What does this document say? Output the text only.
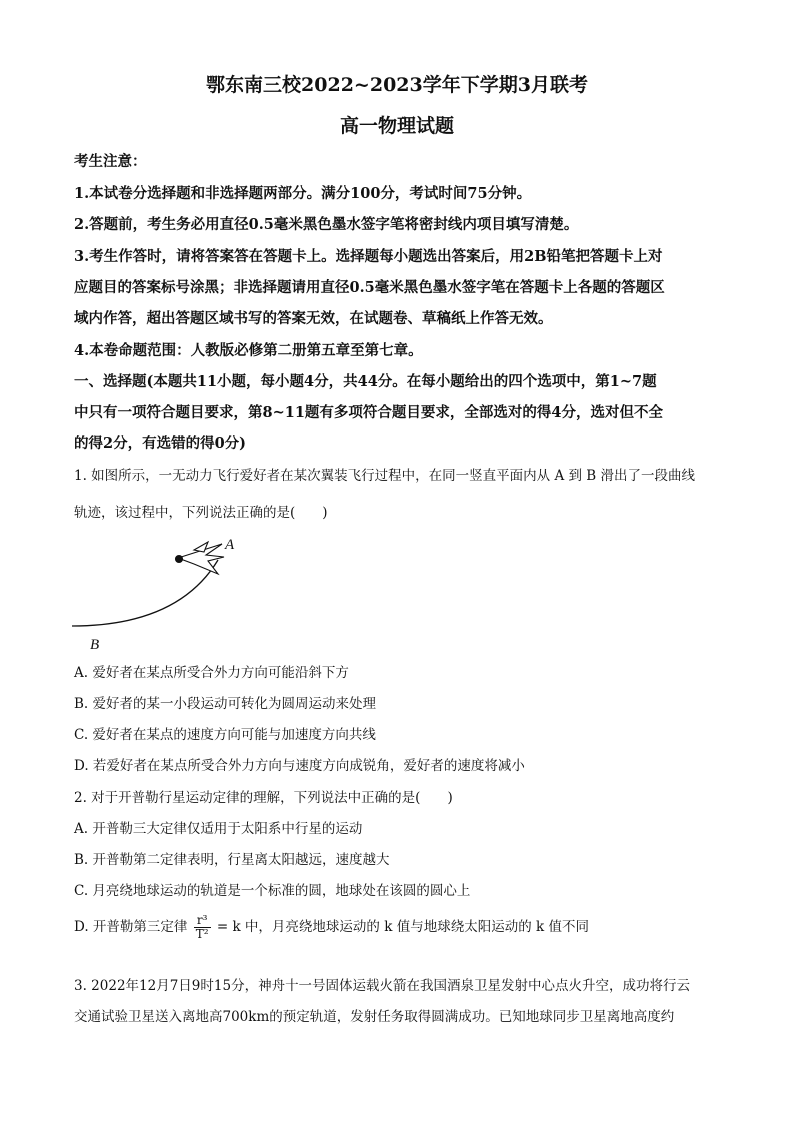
鄂东南三校2022~2023学年下学期3月联考
高一物理试题
考生注意：
1.本试卷分选择题和非选择题两部分。满分100分，考试时间75分钟。
2.答题前，考生务必用直径0.5毫米黑色墨水签字笔将密封线内项目填写清楚。
3.考生作答时，请将答案答在答题卡上。选择题每小题选出答案后，用2B铅笔把答题卡上对
应题目的答案标号涂黑；非选择题请用直径0.5毫米黑色墨水签字笔在答题卡上各题的答题区
域内作答，超出答题区域书写的答案无效，在试题卷、草稿纸上作答无效。
4.本卷命题范围：人教版必修第二册第五章至第七章。
一、选择题(本题共11小题，每小题4分，共44分。在每小题给出的四个选项中，第1~7题
中只有一项符合题目要求，第8~11题有多项符合题目要求，全部选对的得4分，选对但不全
的得2分，有选错的得0分)
1. 如图所示，一无动力飞行爱好者在某次翼装飞行过程中，在同一竖直平面内从 A 到 B 滑出了一段曲线
轨迹，该过程中，下列说法正确的是(　　)
A
B
A. 爱好者在某点所受合外力方向可能沿斜下方
B. 爱好者的某一小段运动可转化为圆周运动来处理
C. 爱好者在某点的速度方向可能与加速度方向共线
D. 若爱好者在某点所受合外力方向与速度方向成锐角，爱好者的速度将减小
2. 对于开普勒行星运动定律的理解，下列说法中正确的是(　　)
A. 开普勒三大定律仅适用于太阳系中行星的运动
B. 开普勒第二定律表明，行星离太阳越远，速度越大
C. 月亮绕地球运动的轨道是一个标准的圆，地球处在该圆的圆心上
D. 开普勒第三定律 $\frac{\text{r³}}{\text{T²}} = k$ 中，月亮绕地球运动的 k 值与地球绕太阳运动的 k 值不同
3. 2022年12月7日9时15分，神舟十一号固体运载火箭在我国酒泉卫星发射中心点火升空，成功将行云
交通试验卫星送入离地高700km的预定轨道，发射任务取得圆满成功。已知地球同步卫星离地高度约
